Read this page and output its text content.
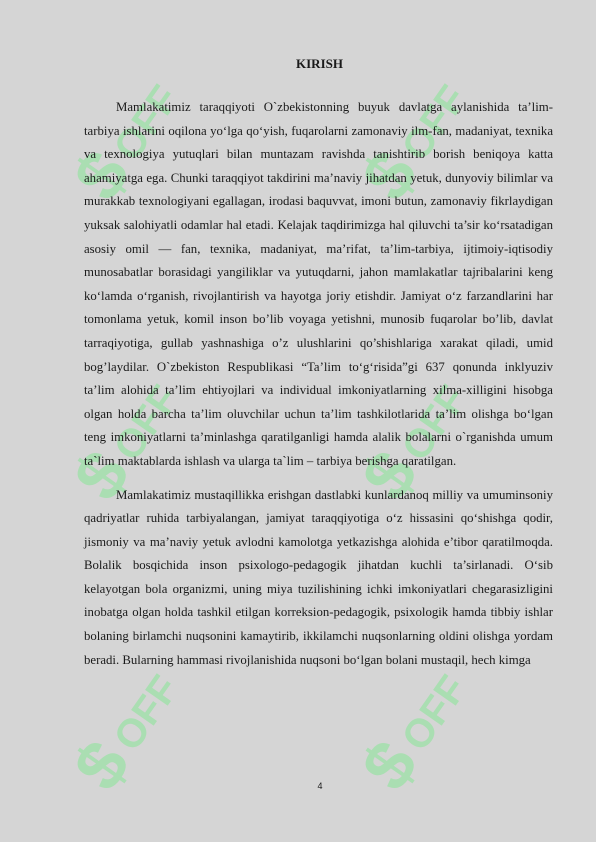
$
OFF
$
OFF
$
OFF
$
OFF
$
OFF
$
OFF
KIRISH

Mamlakatimiz taraqqiyoti O`zbekistonning buyuk davlatga aylanishida ta’lim-tarbiya ishlarini oqilona yo‘lga qo‘yish, fuqarolarni zamonaviy ilm-fan, madaniyat, texnika va texnologiya yutuqlari bilan muntazam ravishda tanishtirib borish beniqoya katta ahamiyatga ega. Chunki taraqqiyot takdirini ma’naviy jihatdan yetuk, dunyoviy bilimlar va murakkab texnologiyani egallagan, irodasi baquvvat, imoni butun, zamonaviy fikrlaydigan yuksak salohiyatli odamlar hal etadi. Kelajak taqdirimizga hal qiluvchi ta’sir ko‘rsatadigan asosiy omil — fan, texnika, madaniyat, ma’rifat, ta’lim-tarbiya, ijtimoiy-iqtisodiy munosabatlar borasidagi yangiliklar va yutuqdarni, jahon mamlakatlar tajribalarini keng ko‘lamda o‘rganish, rivojlantirish va hayotga joriy etishdir. Jamiyat o‘z farzandlarini har tomonlama yetuk, komil inson bo’lib voyaga yetishni, munosib fuqarolar bo’lib, davlat tarraqiyotiga, gullab yashnashiga o’z ulushlarini qo’shishlariga xarakat qiladi, umid bog’laydilar. O`zbekiston Respublikasi “Ta’lim to‘g‘risida”gi 637 qonunda inklyuziv ta’lim alohida ta’lim ehtiyojlari va individual imkoniyatlarning xilma-xilligini hisobga olgan holda barcha ta’lim oluvchilar uchun ta’lim tashkilotlarida ta’lim olishga bo‘lgan teng imkoniyatlarni ta’minlashga qaratilganligi hamda alalik bolalarni o`rganishda umum ta`lim maktablarda ishlash va ularga ta`lim – tarbiya berishga qaratilgan.

Mamlakatimiz mustaqillikka erishgan dastlabki kunlardanoq milliy va umuminsoniy qadriyatlar ruhida tarbiyalangan, jamiyat taraqqiyotiga o‘z hissasini qo‘shishga qodir, jismoniy va ma’naviy yetuk avlodni kamolotga yetkazishga alohida e’tibor qaratilmoqda. Bolalik bosqichida inson psixologo-pedagogik jihatdan kuchli ta’sirlanadi. O‘sib kelayotgan bola organizmi, uning miya tuzilishining ichki imkoniyatlari chegarasizligini inobatga olgan holda tashkil etilgan korreksion-pedagogik, psixologik hamda tibbiy ishlar bolaning birlamchi nuqsonini kamaytirib, ikkilamchi nuqsonlarning oldini olishga yordam beradi. Bularning hammasi rivojlanishida nuqsoni bo‘lgan bolani mustaqil, hech kimga

4
